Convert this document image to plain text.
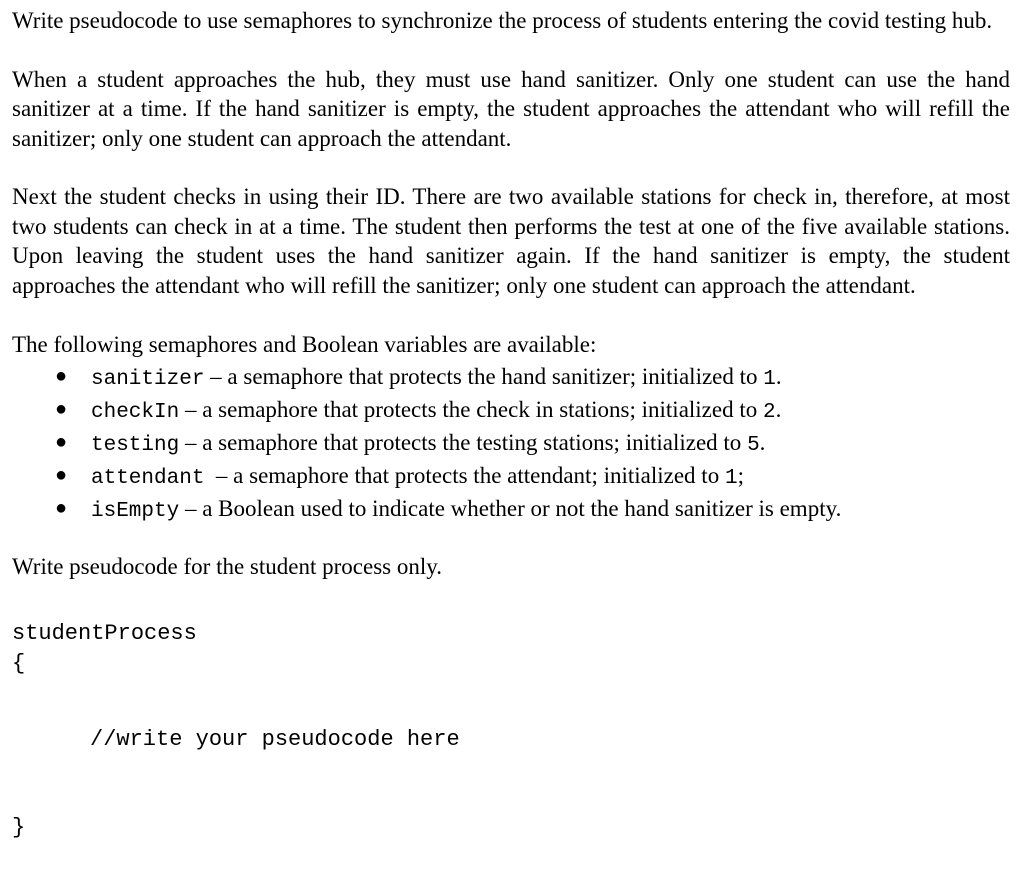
Write pseudocode to use semaphores to synchronize the process of students entering the covid testing hub.

When a student approaches the hub, they must use hand sanitizer. Only one student can use the hand sanitizer at a time. If the hand sanitizer is empty, the student approaches the attendant who will refill the sanitizer; only one student can approach the attendant.

Next the student checks in using their ID. There are two available stations for check in, therefore, at most two students can check in at a time. The student then performs the test at one of the five available stations. Upon leaving the student uses the hand sanitizer again. If the hand sanitizer is empty, the student approaches the attendant who will refill the sanitizer; only one student can approach the attendant.

The following semaphores and Boolean variables are available:

● sanitizer – a semaphore that protects the hand sanitizer; initialized to 1.
● checkIn – a semaphore that protects the check in stations; initialized to 2.
● testing – a semaphore that protects the testing stations; initialized to 5.
● attendant  – a semaphore that protects the attendant; initialized to 1;
● isEmpty – a Boolean used to indicate whether or not the hand sanitizer is empty.

Write pseudocode for the student process only.

studentProcess
{
//write your pseudocode here
}
